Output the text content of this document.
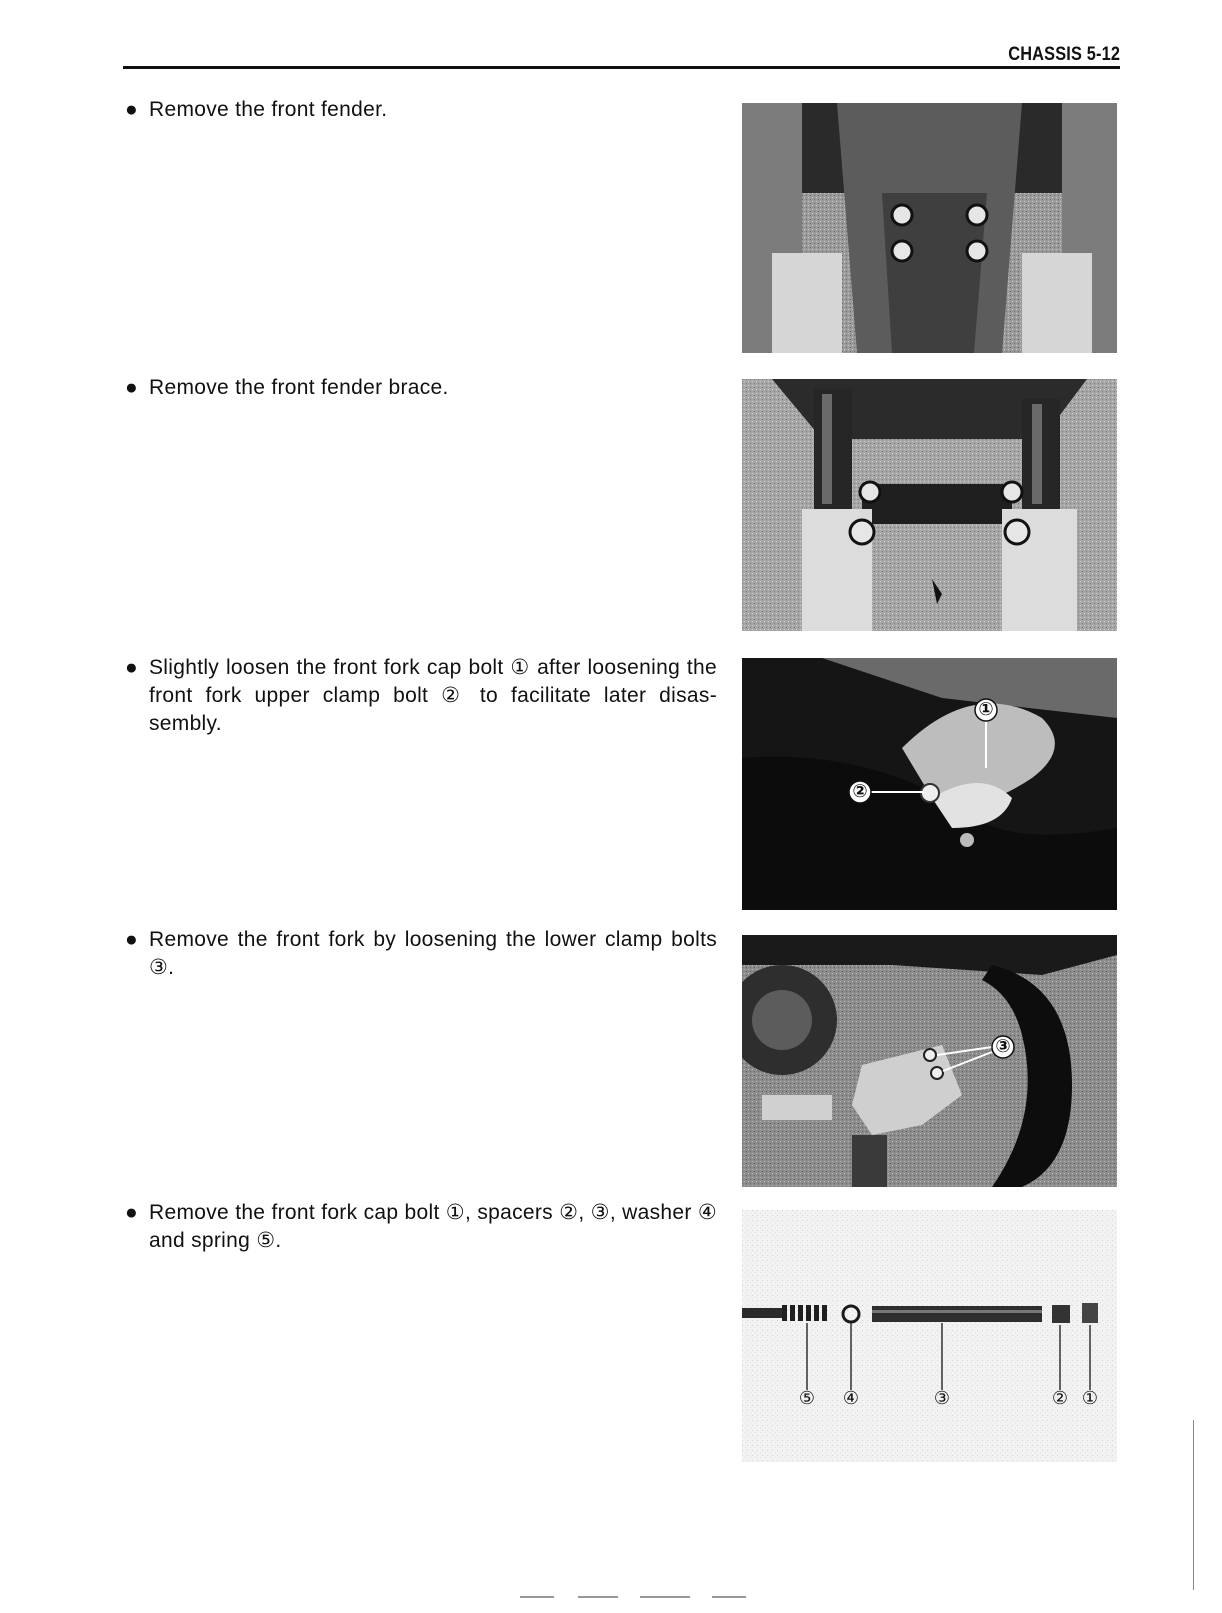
CHASSIS 5-12
● Remove the front fender.
● Remove the front fender brace.
● Slightly loosen the front fork cap bolt ① after loosening the front fork upper clamp bolt ② to facilitate later disas-sembly.
①
②
● Remove the front fork by loosening the lower clamp bolts ③.
③
● Remove the front fork cap bolt ①, spacers ②, ③, washer ④ and spring ⑤.
⑤ ④	③	② ①
